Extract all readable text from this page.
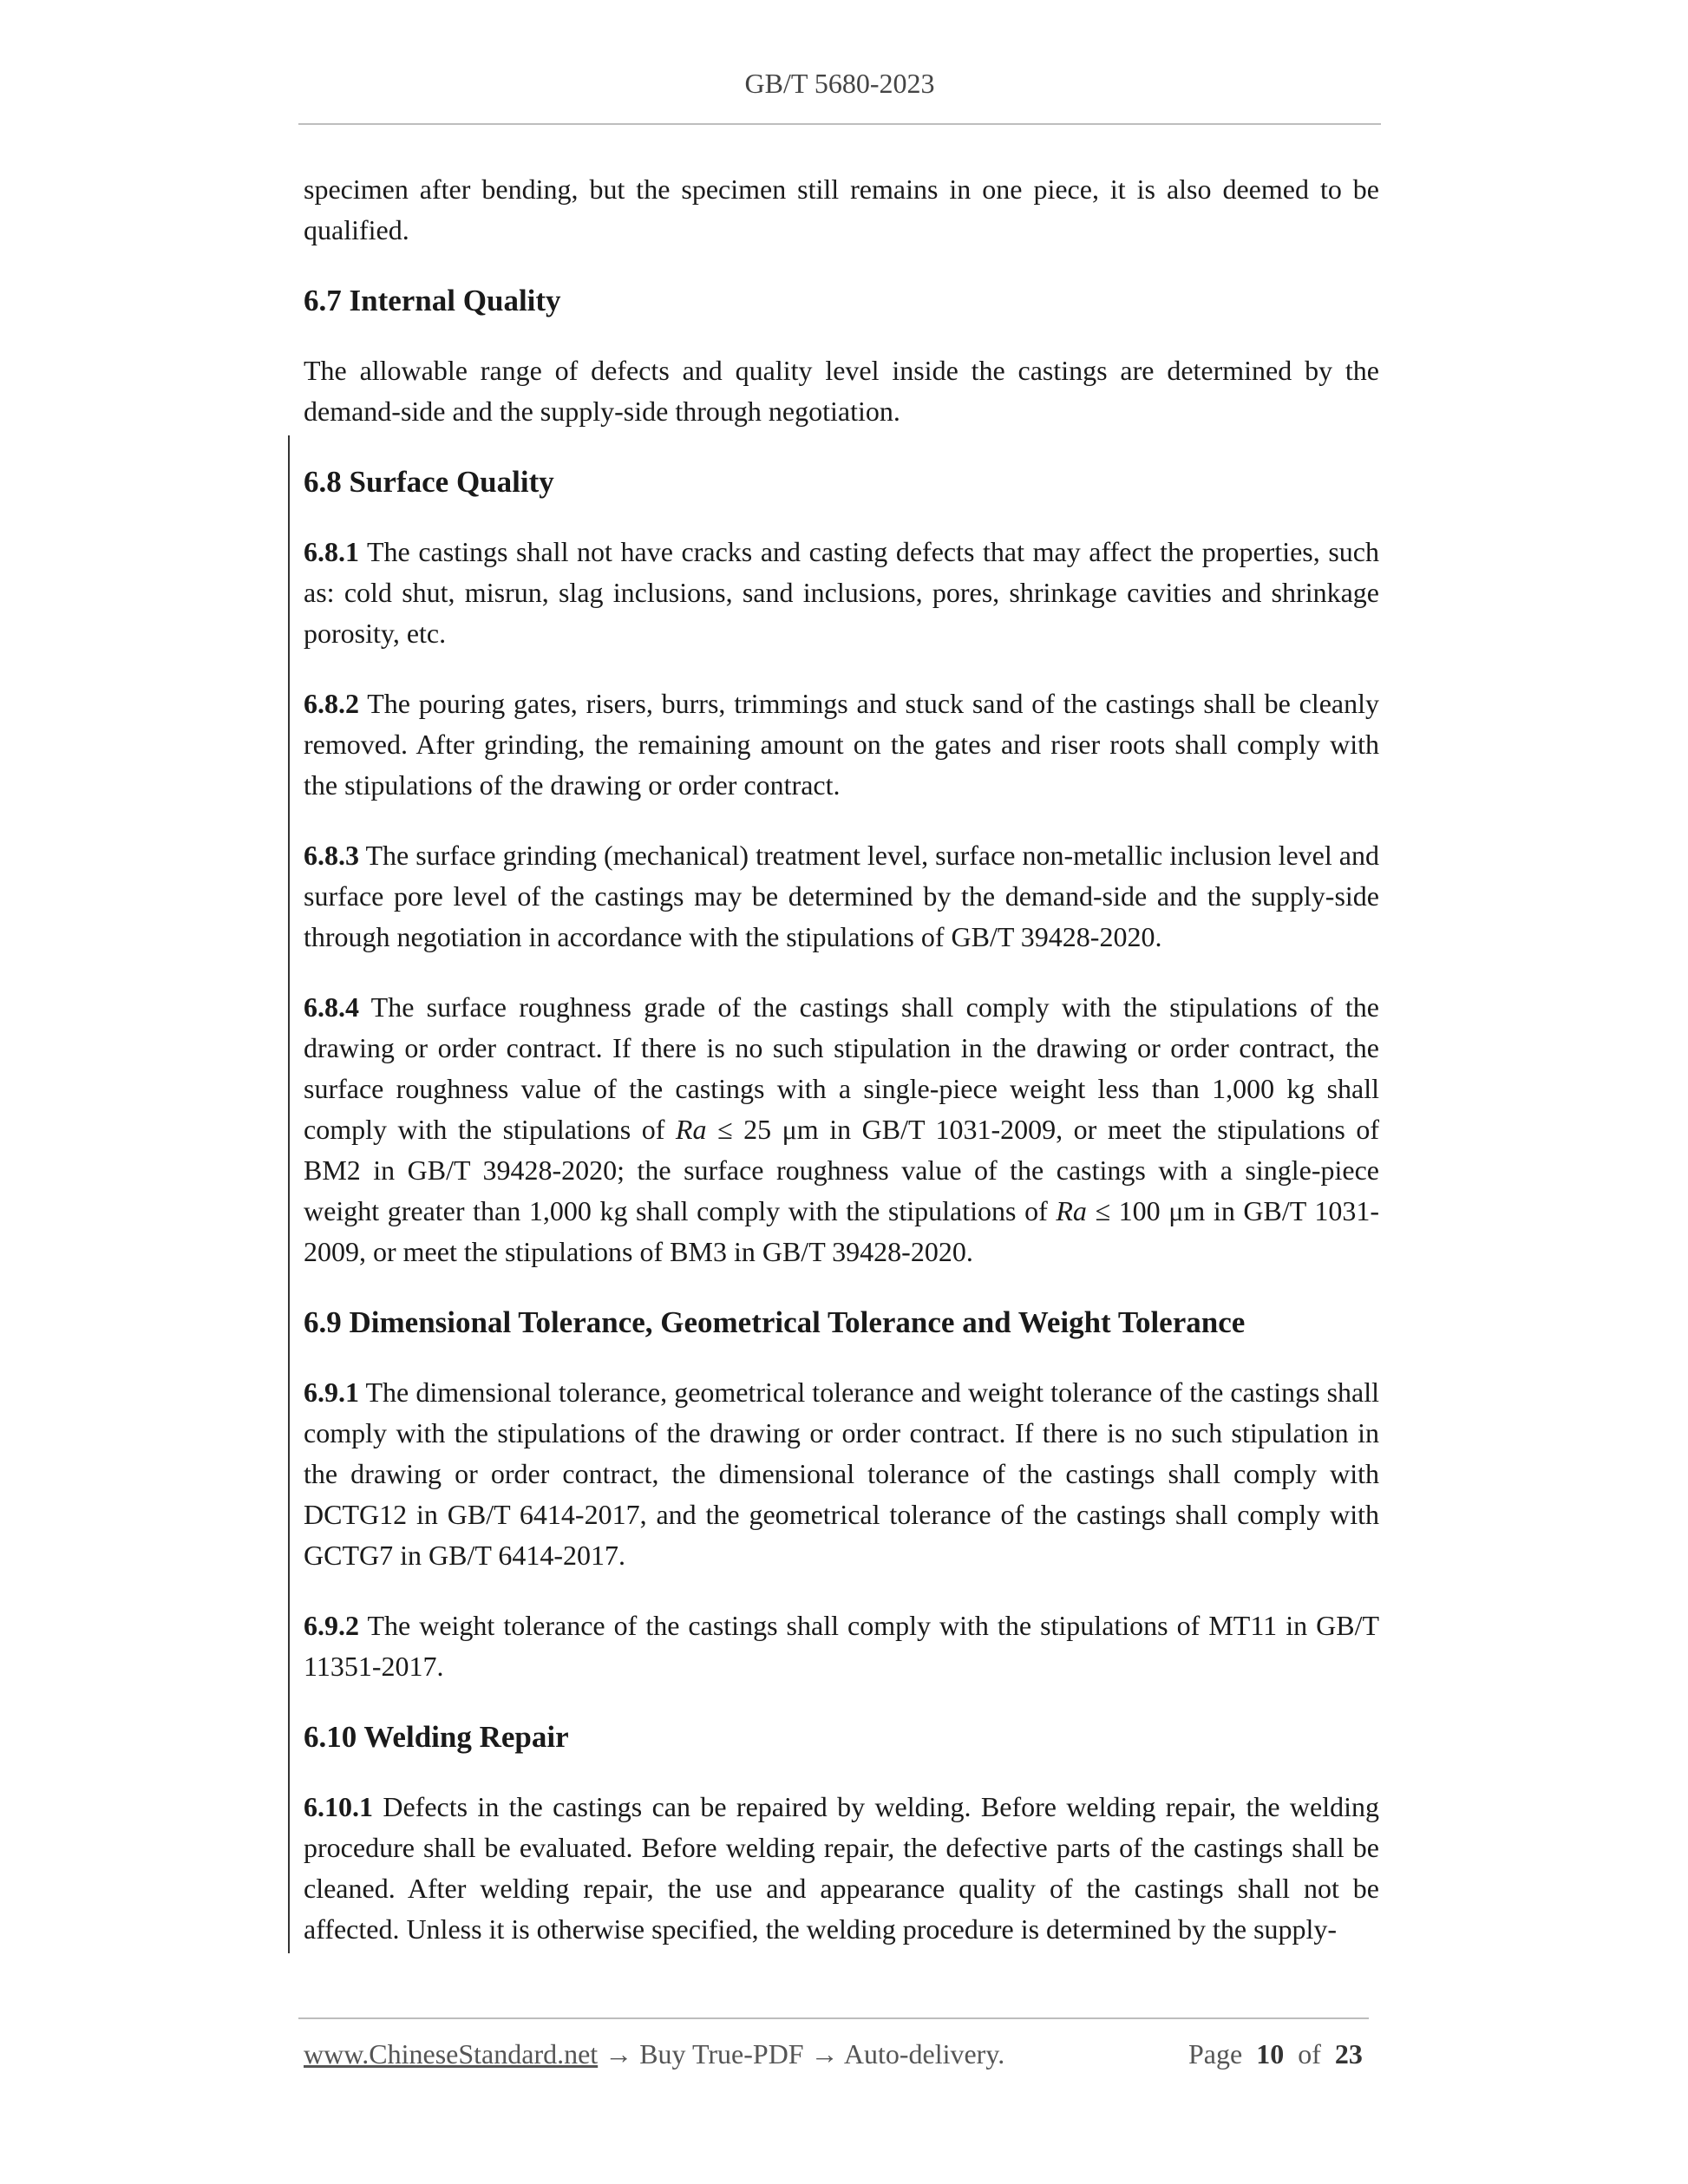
GB/T 5680-2023

specimen after bending, but the specimen still remains in one piece, it is also deemed to be qualified.

6.7 Internal Quality

The allowable range of defects and quality level inside the castings are determined by the demand-side and the supply-side through negotiation.

6.8 Surface Quality

6.8.1 The castings shall not have cracks and casting defects that may affect the properties, such as: cold shut, misrun, slag inclusions, sand inclusions, pores, shrinkage cavities and shrinkage porosity, etc.

6.8.2 The pouring gates, risers, burrs, trimmings and stuck sand of the castings shall be cleanly removed. After grinding, the remaining amount on the gates and riser roots shall comply with the stipulations of the drawing or order contract.

6.8.3 The surface grinding (mechanical) treatment level, surface non-metallic inclusion level and surface pore level of the castings may be determined by the demand-side and the supply-side through negotiation in accordance with the stipulations of GB/T 39428-2020.

6.8.4 The surface roughness grade of the castings shall comply with the stipulations of the drawing or order contract. If there is no such stipulation in the drawing or order contract, the surface roughness value of the castings with a single-piece weight less than 1,000 kg shall comply with the stipulations of Ra ≤ 25 μm in GB/T 1031-2009, or meet the stipulations of BM2 in GB/T 39428-2020; the surface roughness value of the castings with a single-piece weight greater than 1,000 kg shall comply with the stipulations of Ra ≤ 100 μm in GB/T 1031-2009, or meet the stipulations of BM3 in GB/T 39428-2020.

6.9 Dimensional Tolerance, Geometrical Tolerance and Weight Tolerance

6.9.1 The dimensional tolerance, geometrical tolerance and weight tolerance of the castings shall comply with the stipulations of the drawing or order contract. If there is no such stipulation in the drawing or order contract, the dimensional tolerance of the castings shall comply with DCTG12 in GB/T 6414-2017, and the geometrical tolerance of the castings shall comply with GCTG7 in GB/T 6414-2017.

6.9.2 The weight tolerance of the castings shall comply with the stipulations of MT11 in GB/T 11351-2017.

6.10 Welding Repair

6.10.1 Defects in the castings can be repaired by welding. Before welding repair, the welding procedure shall be evaluated. Before welding repair, the defective parts of the castings shall be cleaned. After welding repair, the use and appearance quality of the castings shall not be affected. Unless it is otherwise specified, the welding procedure is determined by the supply-

www.ChineseStandard.net → Buy True-PDF → Auto-delivery.	Page 10 of 23
